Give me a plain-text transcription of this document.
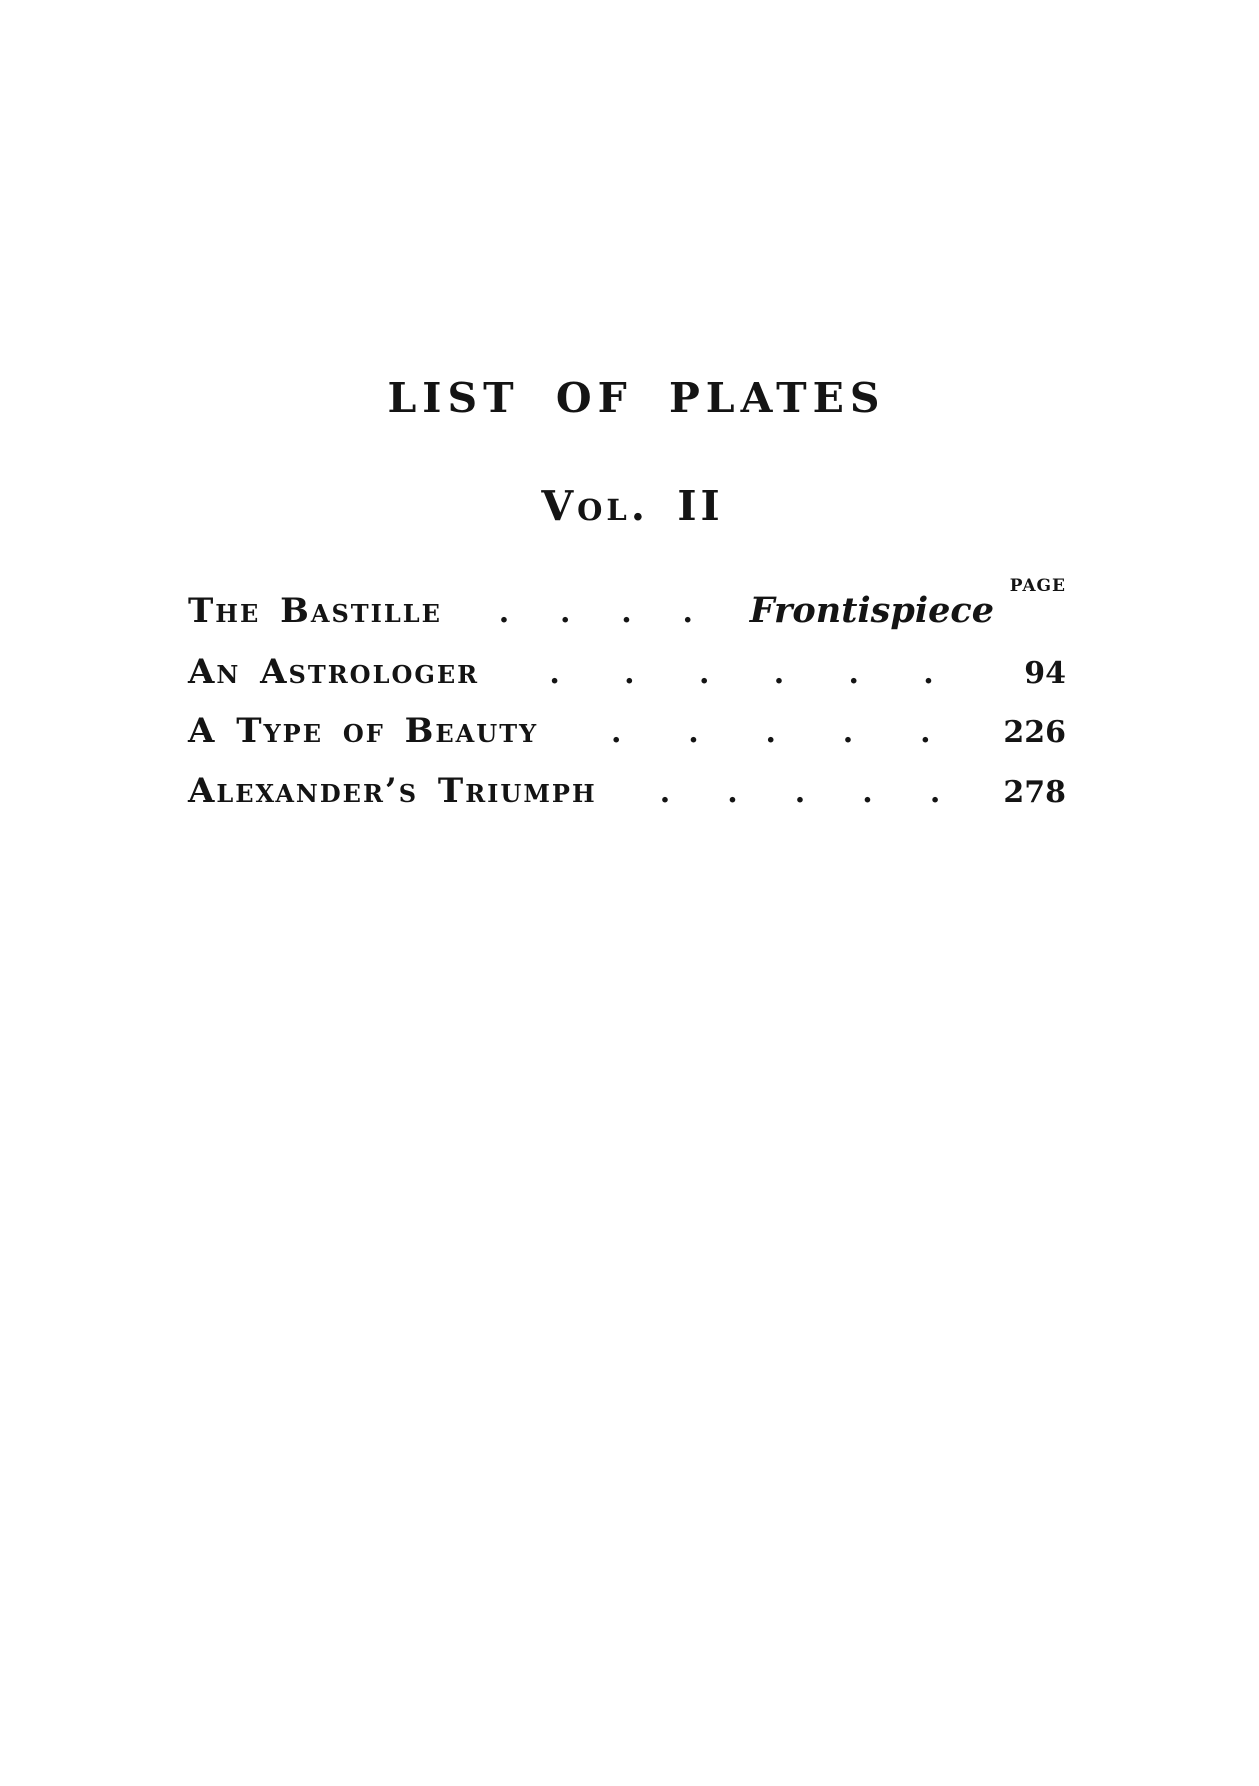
LIST OF PLATES
Vol. II
PAGE
The Bastille . . . . Frontispiece
An Astrologer . . . . . .	94
A Type of Beauty . . . . . 226
Alexander’s Triumph . . . . . 278
